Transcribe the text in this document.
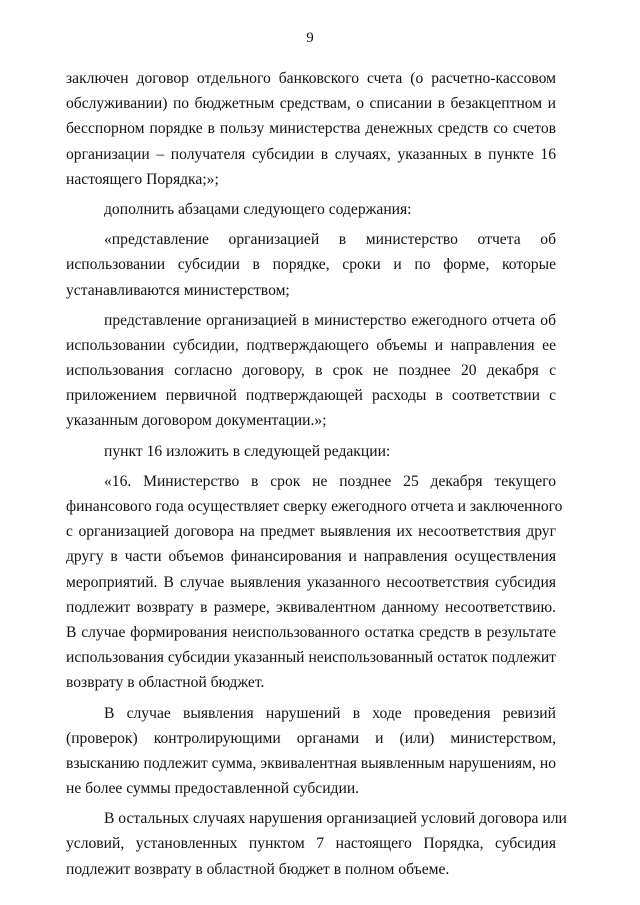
9
заключен договор отдельного банковского счета (о расчетно-кассовом
обслуживании) по бюджетным средствам, о списании в безакцептном и
бесспорном порядке в пользу министерства денежных средств со счетов
организации – получателя субсидии в случаях, указанных в пункте 16
настоящего Порядка;»;
дополнить абзацами следующего содержания:
«представление организацией в министерство отчета об
использовании субсидии в порядке, сроки и по форме, которые
устанавливаются министерством;
представление организацией в министерство ежегодного отчета об
использовании субсидии, подтверждающего объемы и направления ее
использования согласно договору, в срок не позднее 20 декабря с
приложением первичной подтверждающей расходы в соответствии с
указанным договором документации.»;
пункт 16 изложить в следующей редакции:
«16. Министерство в срок не позднее 25 декабря текущего
финансового года осуществляет сверку ежегодного отчета и заключенного
с организацией договора на предмет выявления их несоответствия друг
другу в части объемов финансирования и направления осуществления
мероприятий. В случае выявления указанного несоответствия субсидия
подлежит возврату в размере, эквивалентном данному несоответствию.
В случае формирования неиспользованного остатка средств в результате
использования субсидии указанный неиспользованный остаток подлежит
возврату в областной бюджет.
В случае выявления нарушений в ходе проведения ревизий
(проверок) контролирующими органами и (или) министерством,
взысканию подлежит сумма, эквивалентная выявленным нарушениям, но
не более суммы предоставленной субсидии.
В остальных случаях нарушения организацией условий договора или
условий, установленных пунктом 7 настоящего Порядка, субсидия
подлежит возврату в областной бюджет в полном объеме.
